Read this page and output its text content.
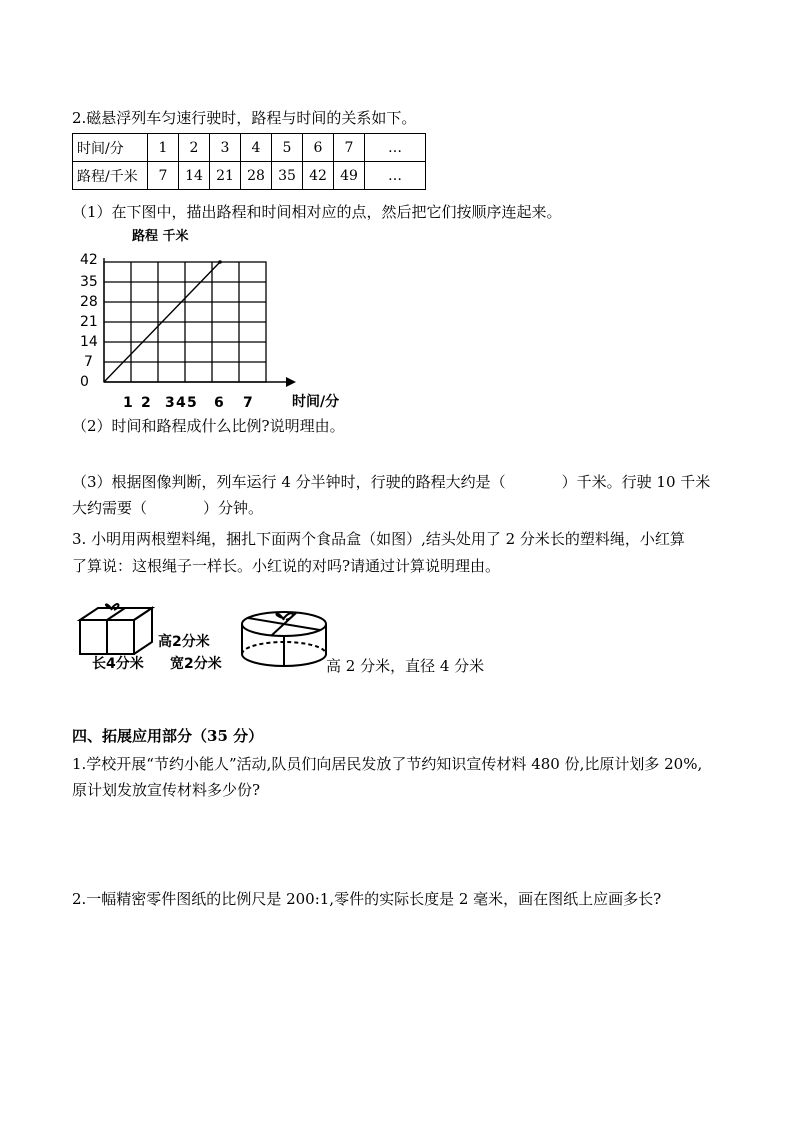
2.磁悬浮列车匀速行驶时，路程与时间的关系如下。
时间/分	1	2	3	4	5	6	7	…
路程/千米	7	14	21	28	35	42	49	…
（1）在下图中，描出路程和时间相对应的点，然后把它们按顺序连起来。
路程 千米
42
35
28
21
14
7
0
1 2 3 4 5 6 7	时间/分
（2）时间和路程成什么比例?说明理由。
（3）根据图像判断，列车运行 4 分半钟时，行驶的路程大约是（	）千米。行驶 10 千米
大约需要（	）分钟。
3. 小明用两根塑料绳，捆扎下面两个食品盒（如图）,结头处用了 2 分米长的塑料绳，小红算
了算说：这根绳子一样长。小红说的对吗?请通过计算说明理由。
高2分米
长4分米 宽2分米	高 2 分米，直径 4 分米
四、拓展应用部分（35 分）
1.学校开展“节约小能人”活动,队员们向居民发放了节约知识宣传材料 480 份,比原计划多 20%,
原计划发放宣传材料多少份?
2.一幅精密零件图纸的比例尺是 200:1,零件的实际长度是 2 毫米，画在图纸上应画多长?
